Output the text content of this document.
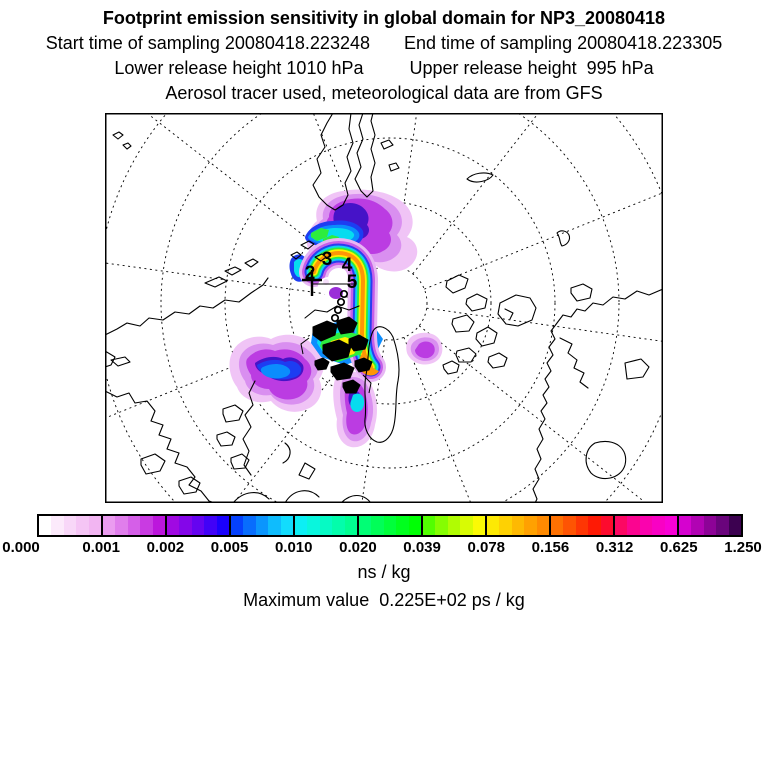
Footprint emission sensitivity in global domain for NP3_20080418
Start time of sampling 20080418.223248 End time of sampling 20080418.223305
Lower release height 1010 hPa	Upper release height  995 hPa
Aerosol tracer used, meteorological data are from GFS
2
3 4
5
0.000	0.001 0.002 0.005 0.010 0.020 0.039 0.078 0.156 0.312 0.625 1.250
ns / kg
Maximum value  0.225E+02 ps / kg
